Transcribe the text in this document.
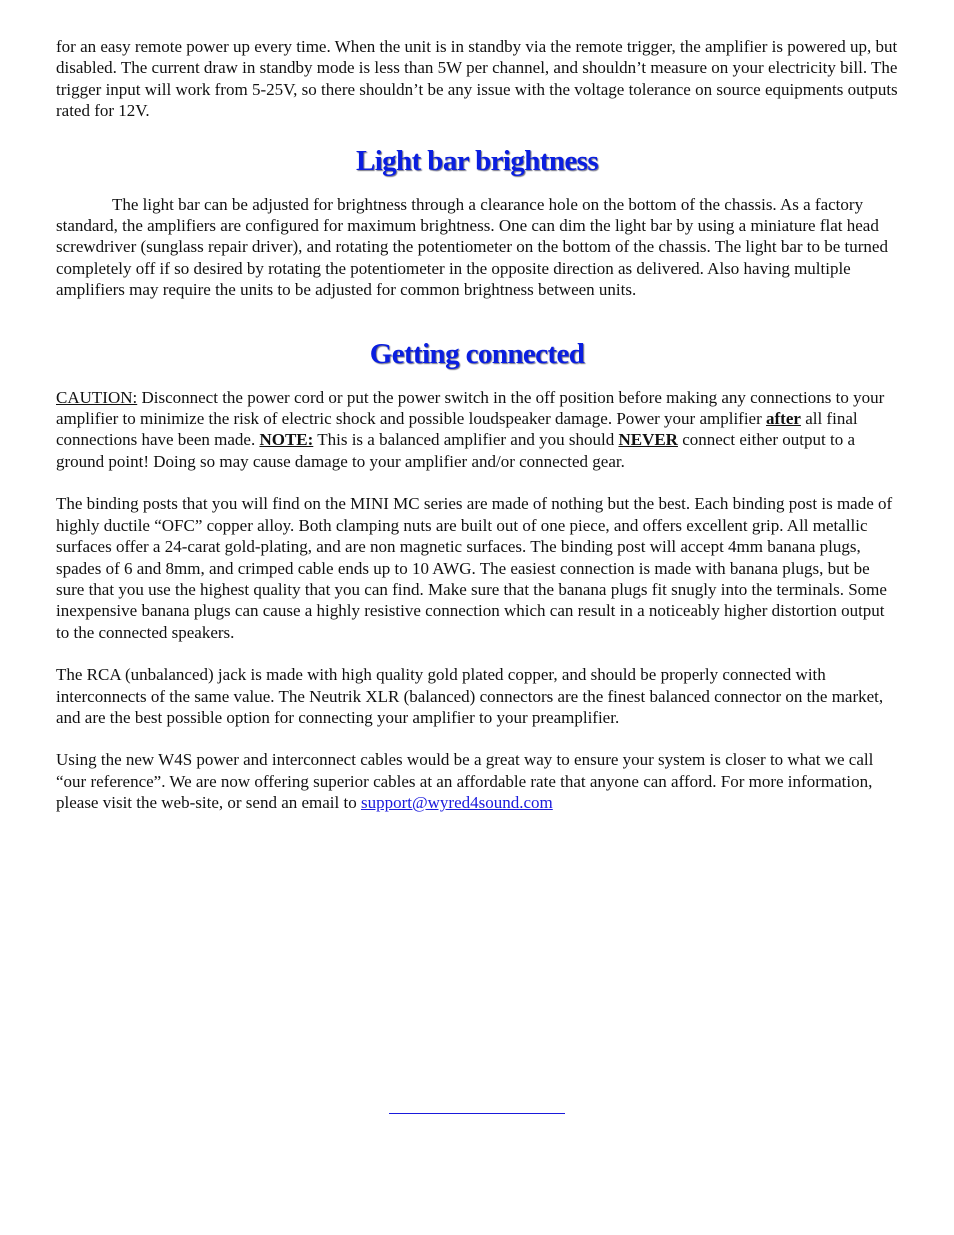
for an easy remote power up every time. When the unit is in standby via the remote trigger, the amplifier is powered up, but disabled. The current draw in standby mode is less than 5W per channel, and shouldn’t measure on your electricity bill. The trigger input will work from 5-25V, so there shouldn’t be any issue with the voltage tolerance on source equipments outputs rated for 12V.

Light bar brightness

The light bar can be adjusted for brightness through a clearance hole on the bottom of the chassis. As a factory standard, the amplifiers are configured for maximum brightness. One can dim the light bar by using a miniature flat head screwdriver (sunglass repair driver), and rotating the potentiometer on the bottom of the chassis. The light bar to be turned completely off if so desired by rotating the potentiometer in the opposite direction as delivered. Also having multiple amplifiers may require the units to be adjusted for common brightness between units.

Getting connected

CAUTION: Disconnect the power cord or put the power switch in the off position before making any connections to your amplifier to minimize the risk of electric shock and possible loudspeaker damage. Power your amplifier after all final connections have been made. NOTE: This is a balanced amplifier and you should NEVER connect either output to a ground point! Doing so may cause damage to your amplifier and/or connected gear.

The binding posts that you will find on the MINI MC series are made of nothing but the best. Each binding post is made of highly ductile “OFC” copper alloy. Both clamping nuts are built out of one piece, and offers excellent grip. All metallic surfaces offer a 24-carat gold-plating, and are non magnetic surfaces. The binding post will accept 4mm banana plugs, spades of 6 and 8mm, and crimped cable ends up to 10 AWG. The easiest connection is made with banana plugs, but be sure that you use the highest quality that you can find. Make sure that the banana plugs fit snugly into the terminals. Some inexpensive banana plugs can cause a highly resistive connection which can result in a noticeably higher distortion output to the connected speakers.

The RCA (unbalanced) jack is made with high quality gold plated copper, and should be properly connected with interconnects of the same value. The Neutrik XLR (balanced) connectors are the finest balanced connector on the market, and are the best possible option for connecting your amplifier to your preamplifier.

Using the new W4S power and interconnect cables would be a great way to ensure your system is closer to what we call “our reference”. We are now offering superior cables at an affordable rate that anyone can afford. For more information, please visit the web-site, or send an email to support@wyred4sound.com
